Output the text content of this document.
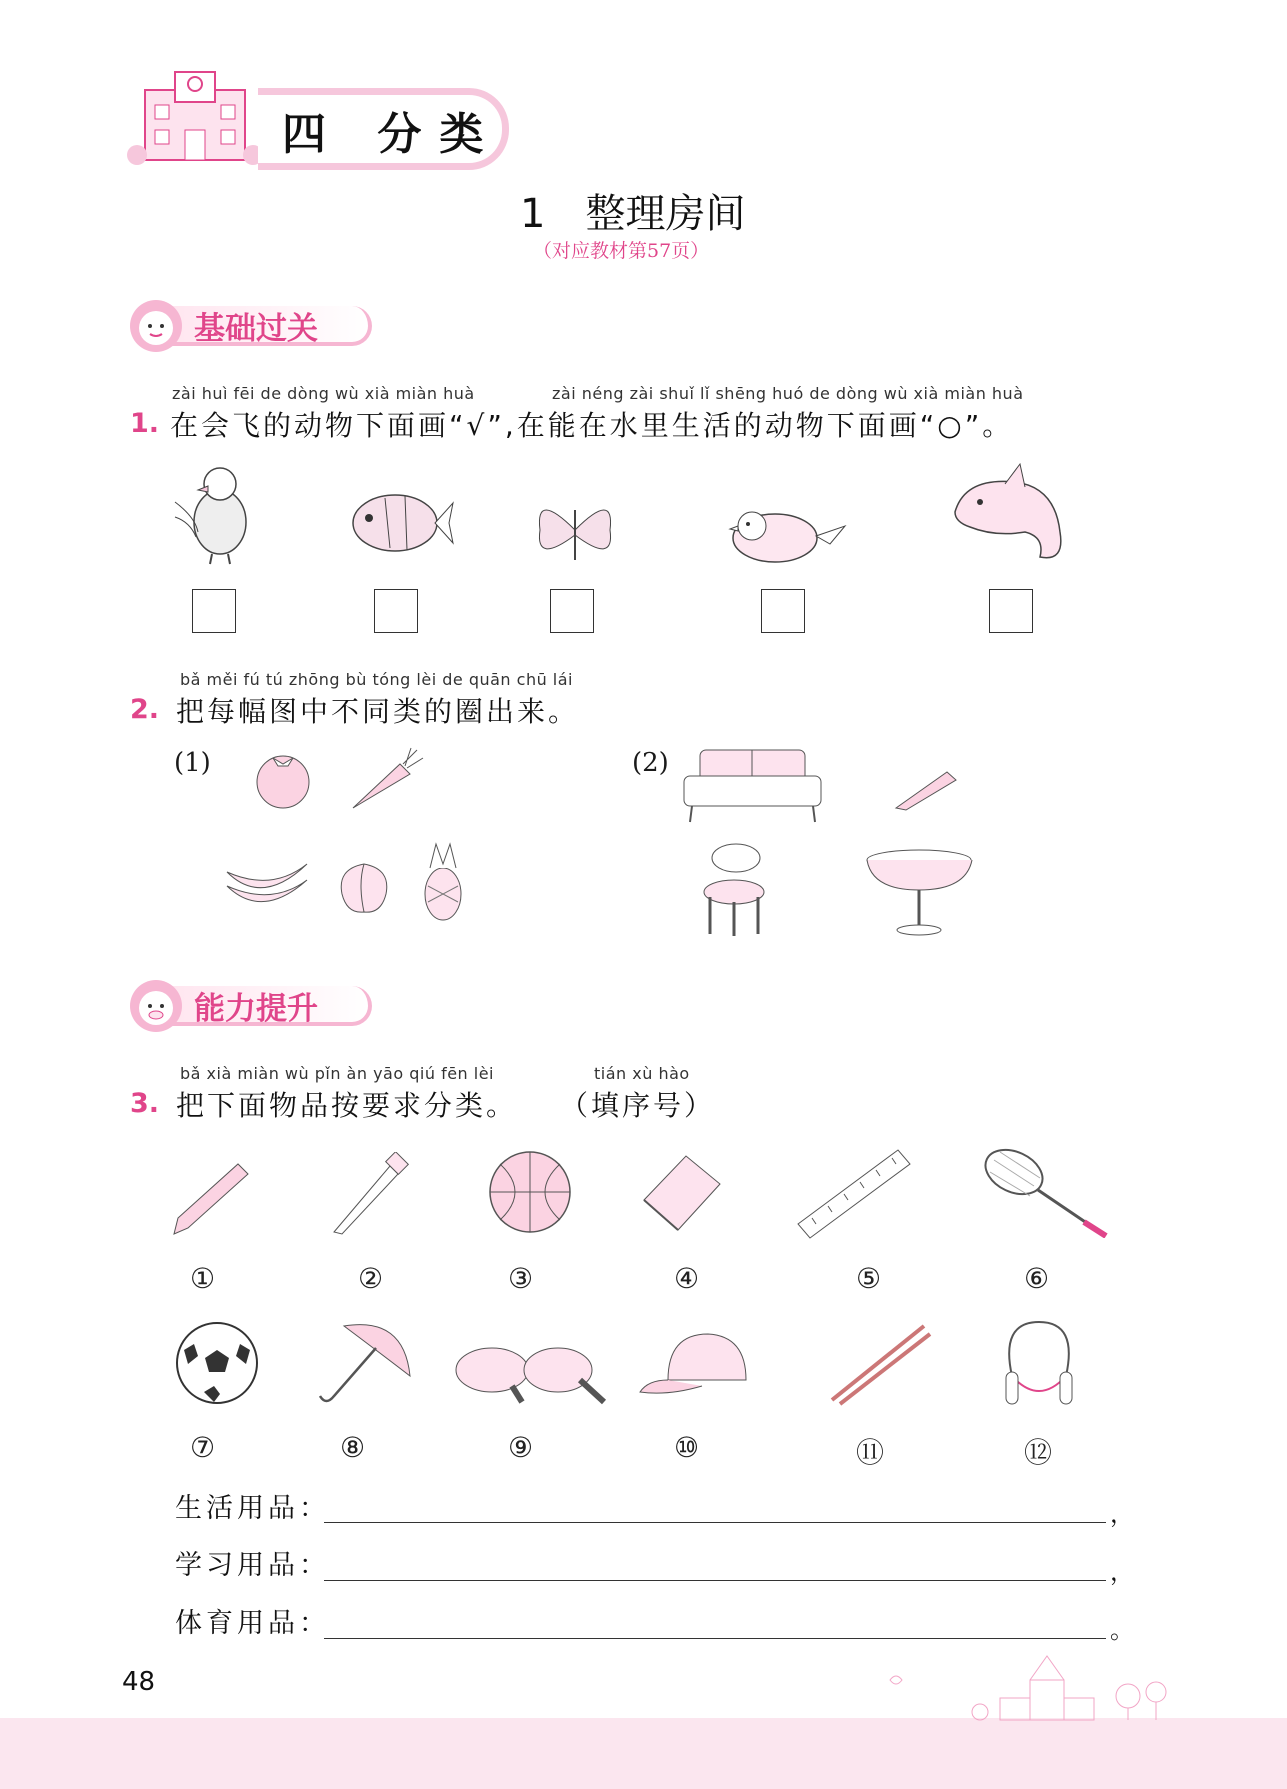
四 分类
1　整理房间
（对应教材第57页）
基础过关
zài huì fēi de dòng wù xià miàn huà	zài néng zài shuǐ lǐ shēng huó de dòng wù xià miàn huà
1. 在会飞的动物下面画“√”,在能在水里生活的动物下面画“○”。
bǎ měi fú tú zhōng bù tóng lèi de quān chū lái
2. 把每幅图中不同类的圈出来。
(1)	(2)
能力提升
bǎ xià miàn wù pǐn àn yāo qiú fēn lèi	tián xù hào
3. 把下面物品按要求分类。 （填序号）
①	②	③	④	⑤	⑥
⑦	⑧	⑨	⑩	⑪	⑫
生活用品：	，
学习用品：	，
体育用品：	。
48
